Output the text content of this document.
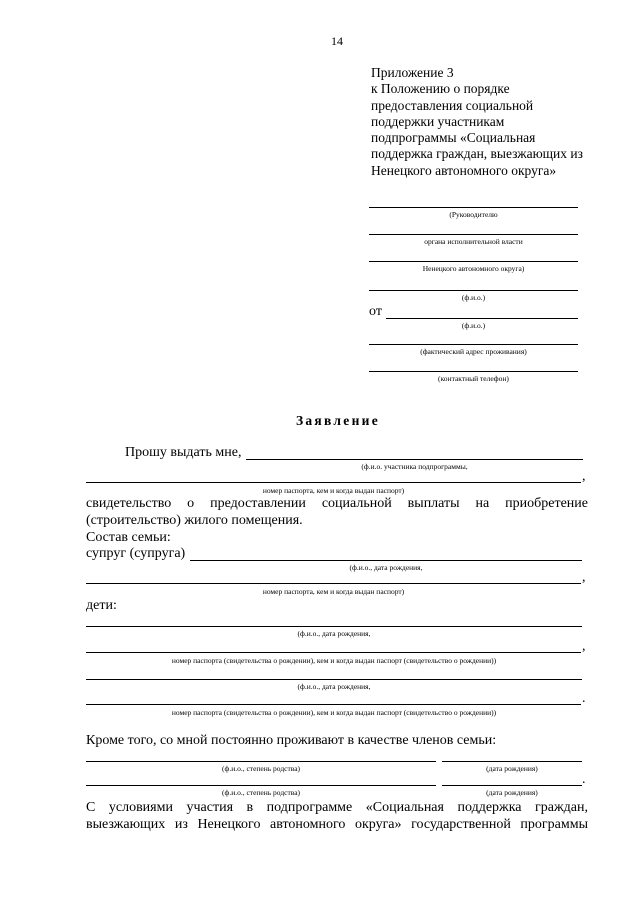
14
Приложение 3
к Положению о порядке
предоставления социальной
поддержки участникам
подпрограммы «Социальная
поддержка граждан, выезжающих из
Ненецкого автономного округа»
(Руководителю
органа исполнительной власти
Ненецкого автономного округа)
(ф.и.о.)
от
(ф.и.о.)
(фактический адрес проживания)
(контактный телефон)
Заявление
Прошу выдать мне,
(ф.и.о. участника подпрограммы,
,
номер паспорта, кем и когда выдан паспорт)
свидетельство о предоставлении социальной выплаты на приобретение
(строительство) жилого помещения.
Состав семьи:
супруг (супруга)
(ф.и.о., дата рождения,
,
номер паспорта, кем и когда выдан паспорт)
дети:
(ф.и.о., дата рождения,
,
номер паспорта (свидетельства о рождении), кем и когда выдан паспорт (свидетельство о рождении))
(ф.и.о., дата рождения,
.
номер паспорта (свидетельства о рождении), кем и когда выдан паспорт (свидетельство о рождении))
Кроме того, со мной постоянно проживают в качестве членов семьи:
(ф.и.о., степень родства)	(дата рождения)
.
(ф.и.о., степень родства)	(дата рождения)
С условиями участия в подпрограмме «Социальная поддержка граждан,
выезжающих из Ненецкого автономного округа» государственной программы
